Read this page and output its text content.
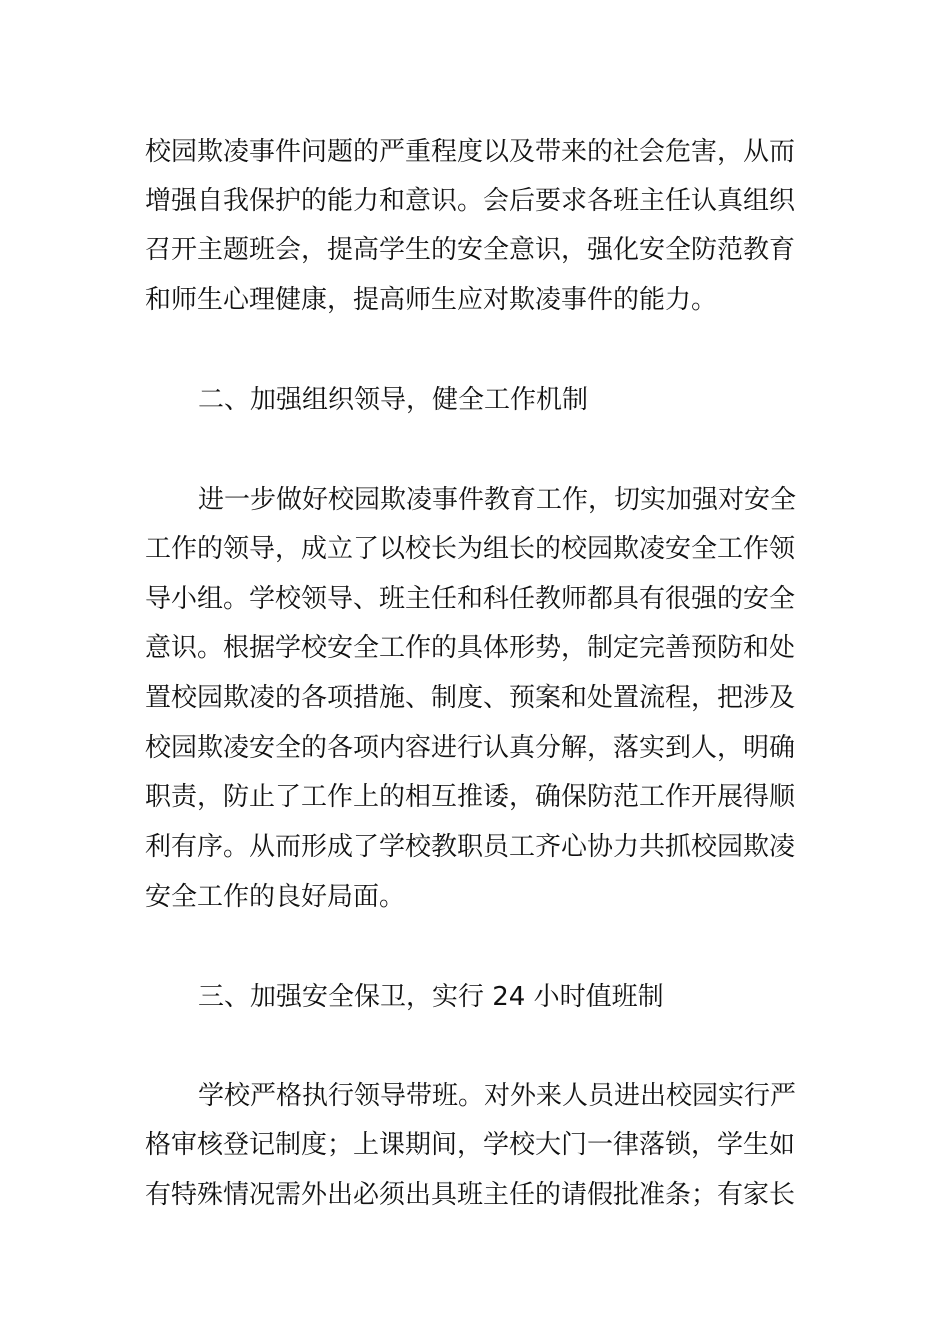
校园欺凌事件问题的严重程度以及带来的社会危害，从而
增强自我保护的能力和意识。会后要求各班主任认真组织
召开主题班会，提高学生的安全意识，强化安全防范教育
和师生心理健康，提高师生应对欺凌事件的能力。
二、加强组织领导，健全工作机制
进一步做好校园欺凌事件教育工作，切实加强对安全
工作的领导，成立了以校长为组长的校园欺凌安全工作领
导小组。学校领导、班主任和科任教师都具有很强的安全
意识。根据学校安全工作的具体形势，制定完善预防和处
置校园欺凌的各项措施、制度、预案和处置流程，把涉及
校园欺凌安全的各项内容进行认真分解，落实到人，明确
职责，防止了工作上的相互推诿，确保防范工作开展得顺
利有序。从而形成了学校教职员工齐心协力共抓校园欺凌
安全工作的良好局面。
三、加强安全保卫，实行 24 小时值班制
学校严格执行领导带班。对外来人员进出校园实行严
格审核登记制度；上课期间，学校大门一律落锁，学生如
有特殊情况需外出必须出具班主任的请假批准条；有家长
